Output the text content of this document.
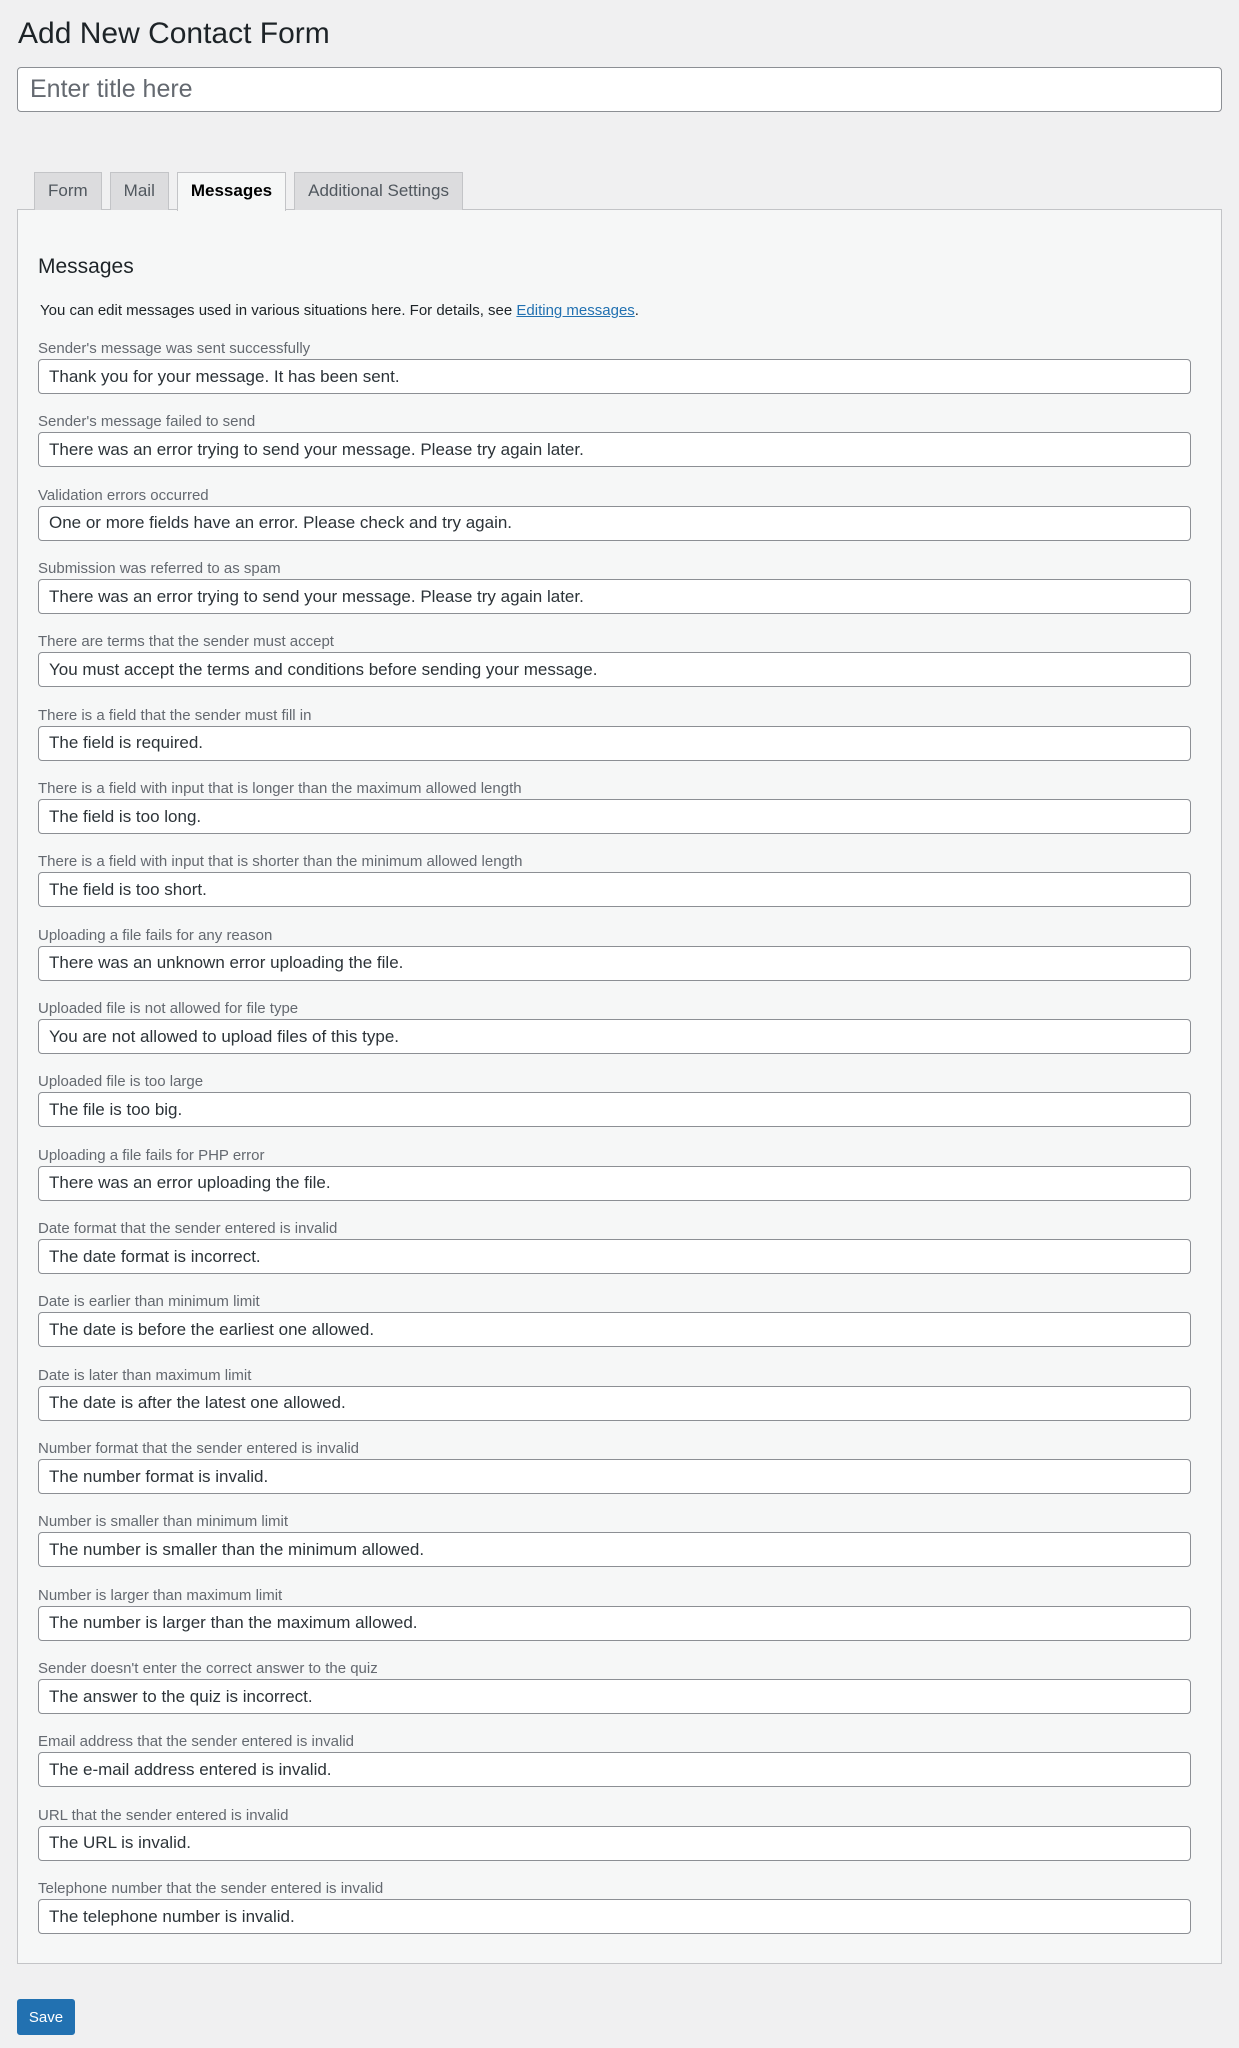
Add New Contact Form
Enter title here
Form	Mail	Messages	Additional Settings
Messages

You can edit messages used in various situations here. For details, see Editing messages.

Sender's message was sent successfully
Thank you for your message. It has been sent.
Sender's message failed to send
There was an error trying to send your message. Please try again later.
Validation errors occurred
One or more fields have an error. Please check and try again.
Submission was referred to as spam
There was an error trying to send your message. Please try again later.
There are terms that the sender must accept
You must accept the terms and conditions before sending your message.
There is a field that the sender must fill in
The field is required.
There is a field with input that is longer than the maximum allowed length
The field is too long.
There is a field with input that is shorter than the minimum allowed length
The field is too short.
Uploading a file fails for any reason
There was an unknown error uploading the file.
Uploaded file is not allowed for file type
You are not allowed to upload files of this type.
Uploaded file is too large
The file is too big.
Uploading a file fails for PHP error
There was an error uploading the file.
Date format that the sender entered is invalid
The date format is incorrect.
Date is earlier than minimum limit
The date is before the earliest one allowed.
Date is later than maximum limit
The date is after the latest one allowed.
Number format that the sender entered is invalid
The number format is invalid.
Number is smaller than minimum limit
The number is smaller than the minimum allowed.
Number is larger than maximum limit
The number is larger than the maximum allowed.
Sender doesn't enter the correct answer to the quiz
The answer to the quiz is incorrect.
Email address that the sender entered is invalid
The e-mail address entered is invalid.
URL that the sender entered is invalid
The URL is invalid.
Telephone number that the sender entered is invalid
The telephone number is invalid.
Save
